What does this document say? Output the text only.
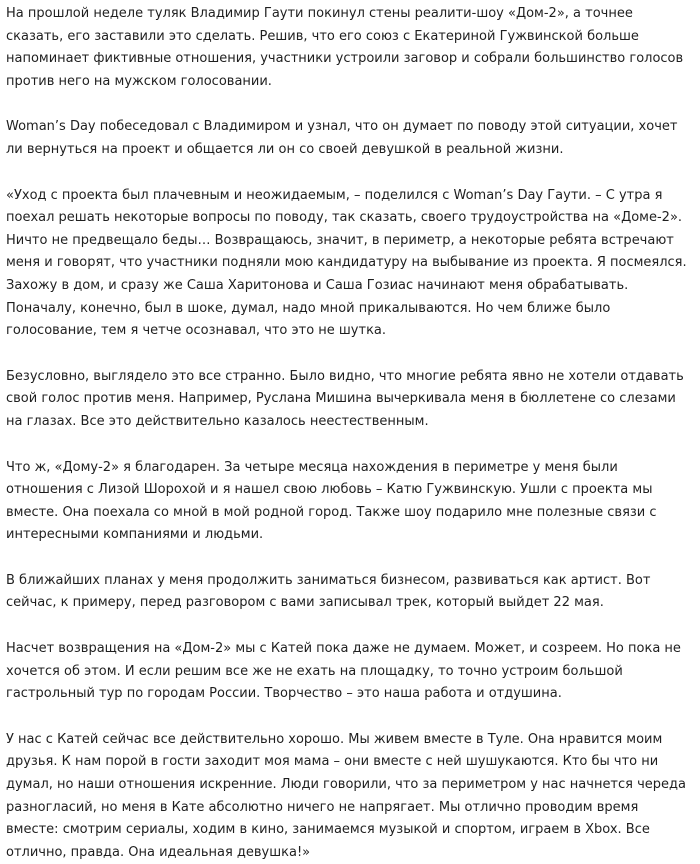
На прошлой неделе туляк Владимир Гаути покинул стены реалити-шоу «Дом-2», а точнее сказать, его заставили это сделать. Решив, что его союз с Екатериной Гужвинской больше напоминает фиктивные отношения, участники устроили заговор и собрали большинство голосов против него на мужском голосовании.

Woman’s Day побеседовал с Владимиром и узнал, что он думает по поводу этой ситуации, хочет ли вернуться на проект и общается ли он со своей девушкой в реальной жизни.

«Уход с проекта был плачевным и неожидаемым, – поделился с Woman’s Day Гаути. – С утра я поехал решать некоторые вопросы по поводу, так сказать, своего трудоустройства на «Доме-2». Ничто не предвещало беды… Возвращаюсь, значит, в периметр, а некоторые ребята встречают меня и говорят, что участники подняли мою кандидатуру на выбывание из проекта. Я посмеялся. Захожу в дом, и сразу же Саша Харитонова и Саша Гозиас начинают меня обрабатывать. Поначалу, конечно, был в шоке, думал, надо мной прикалываются. Но чем ближе было голосование, тем я четче осознавал, что это не шутка.

Безусловно, выглядело это все странно. Было видно, что многие ребята явно не хотели отдавать свой голос против меня. Например, Руслана Мишина вычеркивала меня в бюллетене со слезами на глазах. Все это действительно казалось неестественным.

Что ж, «Дому-2» я благодарен. За четыре месяца нахождения в периметре у меня были отношения с Лизой Шорохой и я нашел свою любовь – Катю Гужвинскую. Ушли с проекта мы вместе. Она поехала со мной в мой родной город. Также шоу подарило мне полезные связи с интересными компаниями и людьми.

В ближайших планах у меня продолжить заниматься бизнесом, развиваться как артист. Вот сейчас, к примеру, перед разговором с вами записывал трек, который выйдет 22 мая.

Насчет возвращения на «Дом-2» мы с Катей пока даже не думаем. Может, и созреем. Но пока не хочется об этом. И если решим все же не ехать на площадку, то точно устроим большой гастрольный тур по городам России. Творчество – это наша работа и отдушина.

У нас с Катей сейчас все действительно хорошо. Мы живем вместе в Туле. Она нравится моим друзья. К нам порой в гости заходит моя мама – они вместе с ней шушукаются. Кто бы что ни думал, но наши отношения искренние. Люди говорили, что за периметром у нас начнется череда разногласий, но меня в Кате абсолютно ничего не напрягает. Мы отлично проводим время вместе: смотрим сериалы, ходим в кино, занимаемся музыкой и спортом, играем в Xbox. Все отлично, правда. Она идеальная девушка!»
